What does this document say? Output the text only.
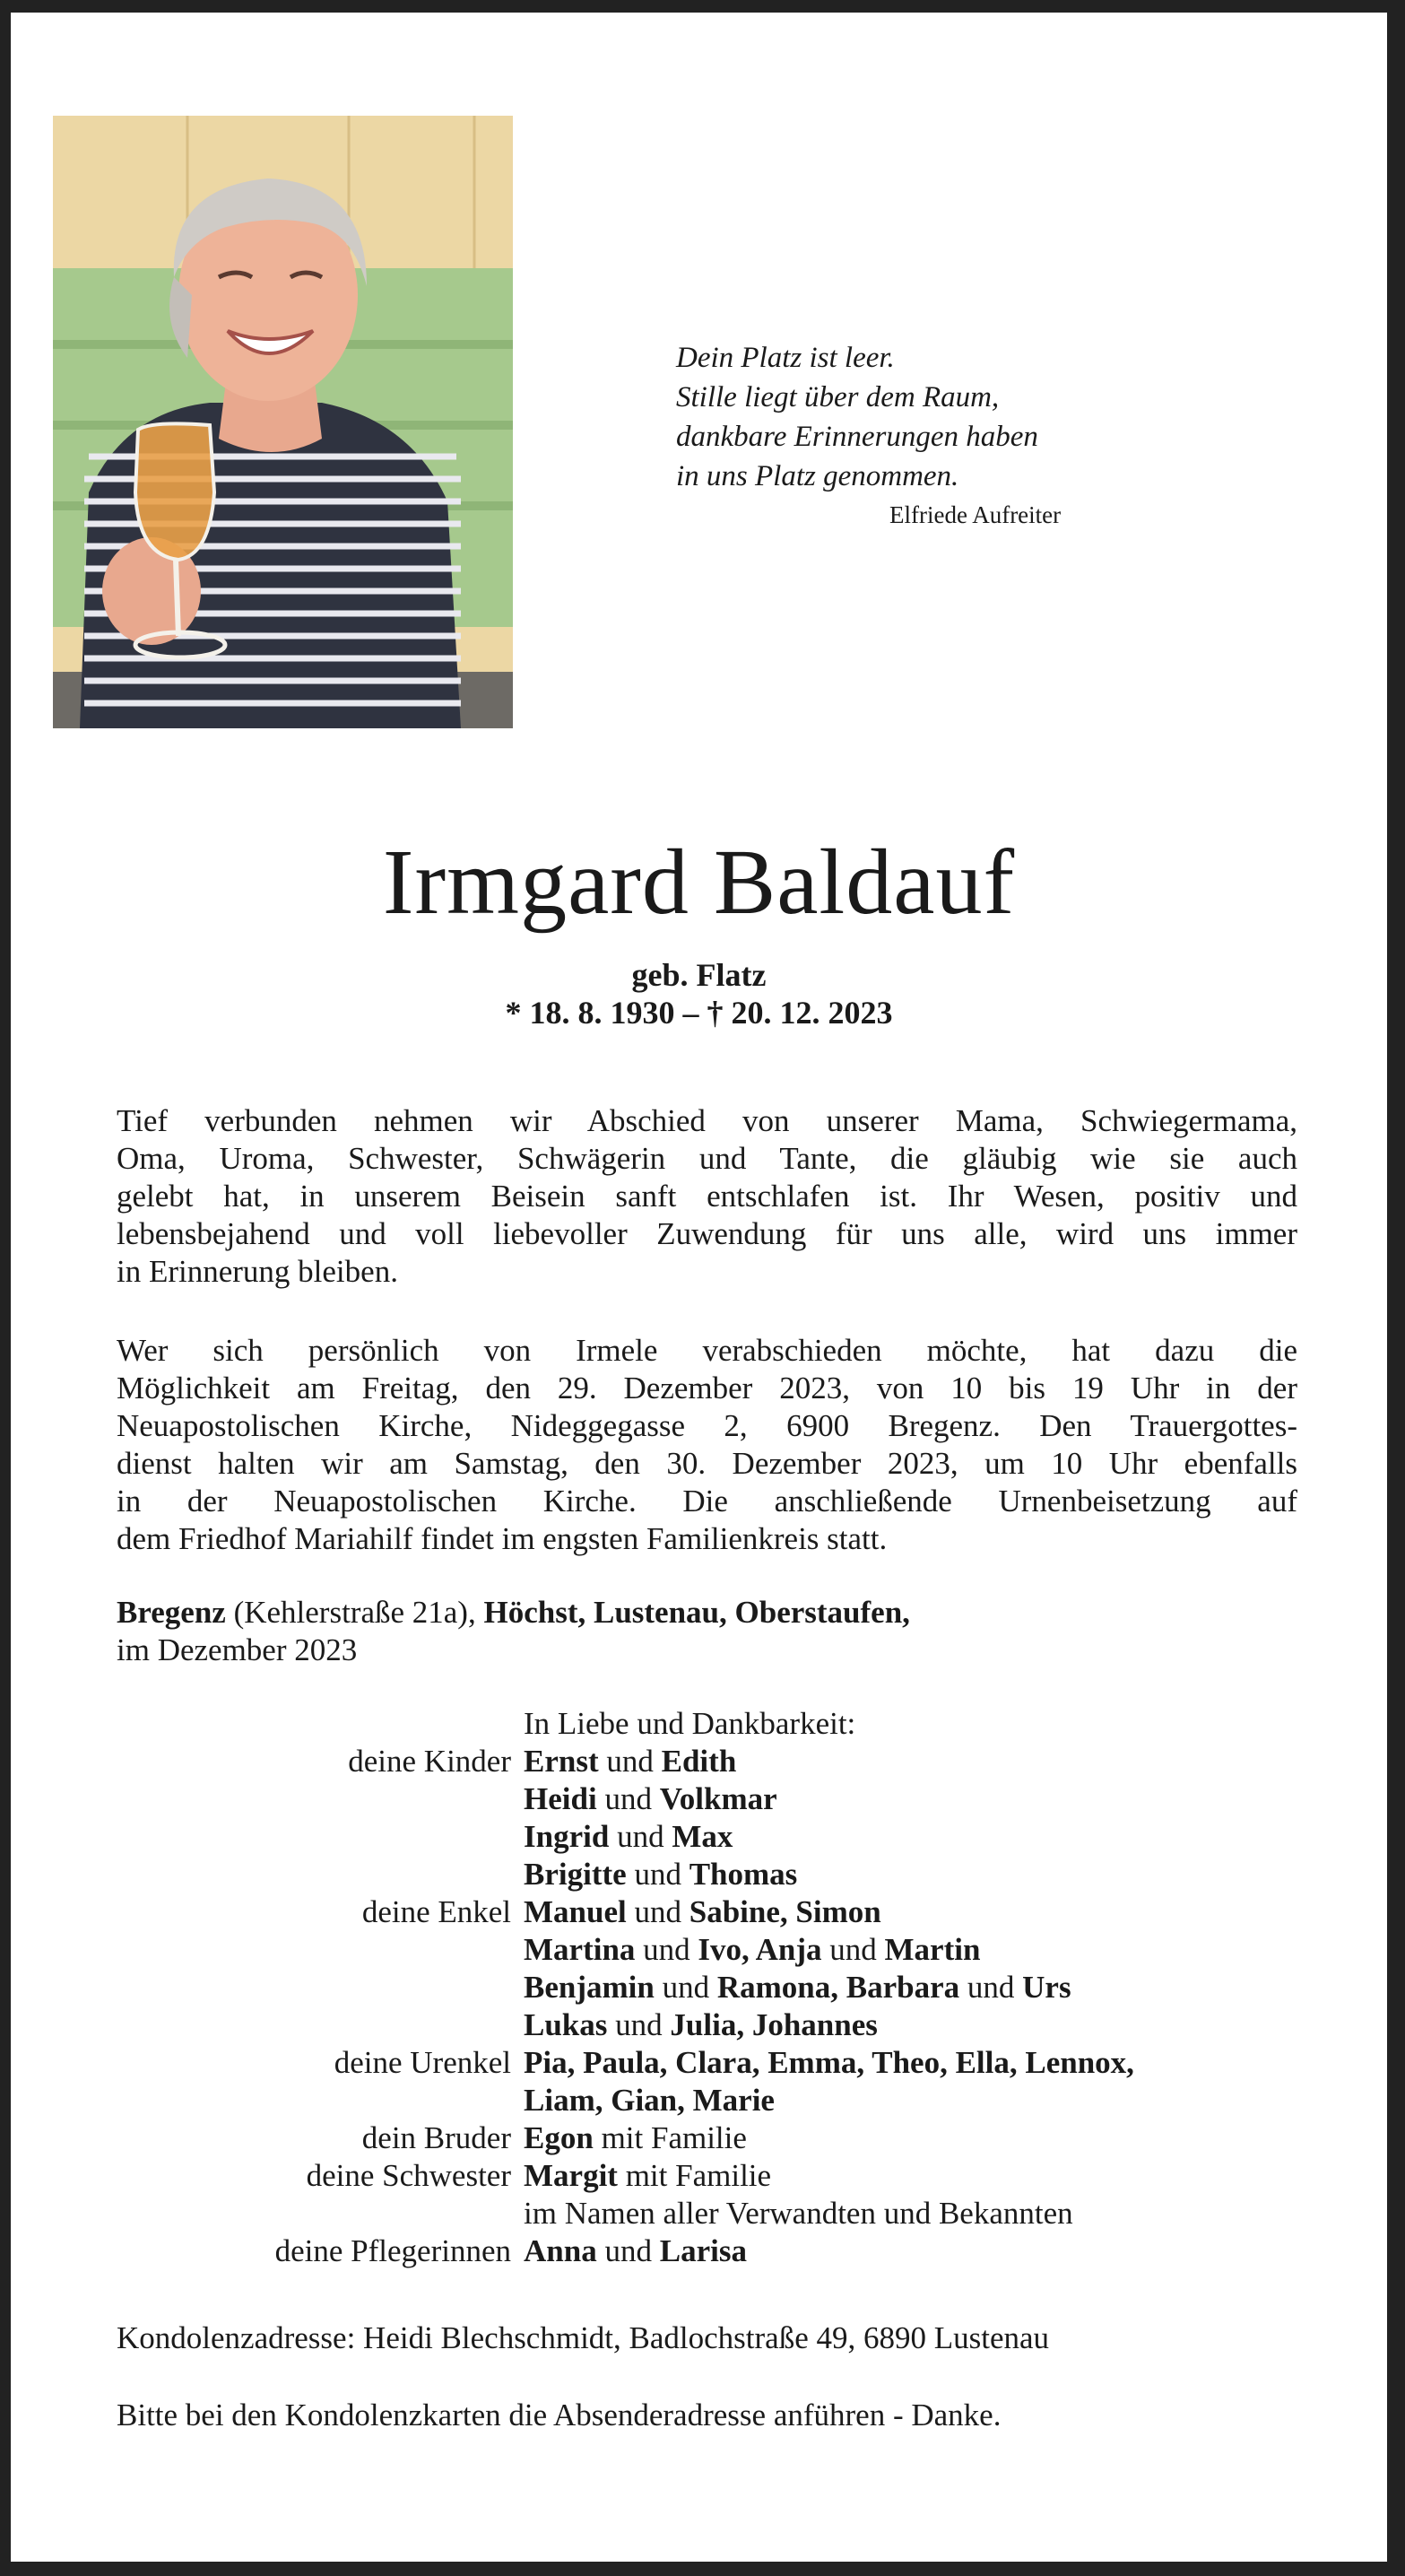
Dein Platz ist leer.
Stille liegt über dem Raum,
dankbare Erinnerungen haben
in uns Platz genommen.
Elfriede Aufreiter
Irmgard Baldauf
geb. Flatz
* 18. 8. 1930 – † 20. 12. 2023
Tief verbunden nehmen wir Abschied von unserer Mama, Schwiegermama,
Oma, Uroma, Schwester, Schwägerin und Tante, die gläubig wie sie auch
gelebt hat, in unserem Beisein sanft entschlafen ist. Ihr Wesen, positiv und
lebensbejahend und voll liebevoller Zuwendung für uns alle, wird uns immer
in Erinnerung bleiben.
Wer sich persönlich von Irmele verabschieden möchte, hat dazu die
Möglichkeit am Freitag, den 29. Dezember 2023, von 10 bis 19 Uhr in der
Neuapostolischen Kirche, Nideggegasse 2, 6900 Bregenz. Den Trauergottes-
dienst halten wir am Samstag, den 30. Dezember 2023, um 10 Uhr ebenfalls
in der Neuapostolischen Kirche. Die anschließende Urnenbeisetzung auf
dem Friedhof Mariahilf findet im engsten Familienkreis statt.
Bregenz (Kehlerstraße 21a), Höchst, Lustenau, Oberstaufen,
im Dezember 2023
In Liebe und Dankbarkeit:
deine Kinder Ernst und Edith
Heidi und Volkmar
Ingrid und Max
Brigitte und Thomas
deine Enkel Manuel und Sabine, Simon
Martina und Ivo, Anja und Martin
Benjamin und Ramona, Barbara und Urs
Lukas und Julia, Johannes
deine Urenkel Pia, Paula, Clara, Emma, Theo, Ella, Lennox,
Liam, Gian, Marie
dein Bruder Egon mit Familie
deine Schwester Margit mit Familie
im Namen aller Verwandten und Bekannten
deine Pflegerinnen Anna und Larisa
Kondolenzadresse: Heidi Blechschmidt, Badlochstraße 49, 6890 Lustenau
Bitte bei den Kondolenzkarten die Absenderadresse anführen - Danke.
